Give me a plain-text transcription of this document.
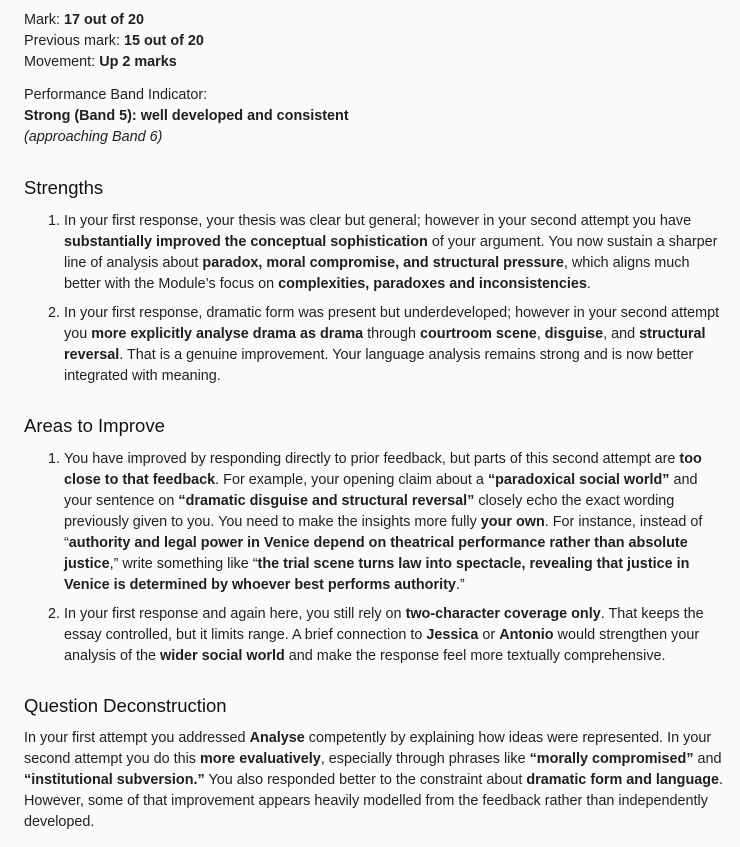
Mark: 17 out of 20

Previous mark: 15 out of 20

Movement: Up 2 marks

Performance Band Indicator:

Strong (Band 5): well developed and consistent

(approaching Band 6)

Strengths
1. In your first response, your thesis was clear but general; however in your second attempt you have substantially improved the conceptual sophistication of your argument. You now sustain a sharper line of analysis about paradox, moral compromise, and structural pressure, which aligns much better with the Module’s focus on complexities, paradoxes and inconsistencies.
2. In your first response, dramatic form was present but underdeveloped; however in your second attempt you more explicitly analyse drama as drama through courtroom scene, disguise, and structural reversal. That is a genuine improvement. Your language analysis remains strong and is now better integrated with meaning.
Areas to Improve
1. You have improved by responding directly to prior feedback, but parts of this second attempt are too close to that feedback. For example, your opening claim about a “paradoxical social world” and your sentence on “dramatic disguise and structural reversal” closely echo the exact wording previously given to you. You need to make the insights more fully your own. For instance, instead of “authority and legal power in Venice depend on theatrical performance rather than absolute justice,” write something like “the trial scene turns law into spectacle, revealing that justice in Venice is determined by whoever best performs authority.”
2. In your first response and again here, you still rely on two-character coverage only. That keeps the essay controlled, but it limits range. A brief connection to Jessica or Antonio would strengthen your analysis of the wider social world and make the response feel more textually comprehensive.
Question Deconstruction

In your first attempt you addressed Analyse competently by explaining how ideas were represented. In your second attempt you do this more evaluatively, especially through phrases like “morally compromised” and “institutional subversion.” You also responded better to the constraint about dramatic form and language. However, some of that improvement appears heavily modelled from the feedback rather than independently developed.
